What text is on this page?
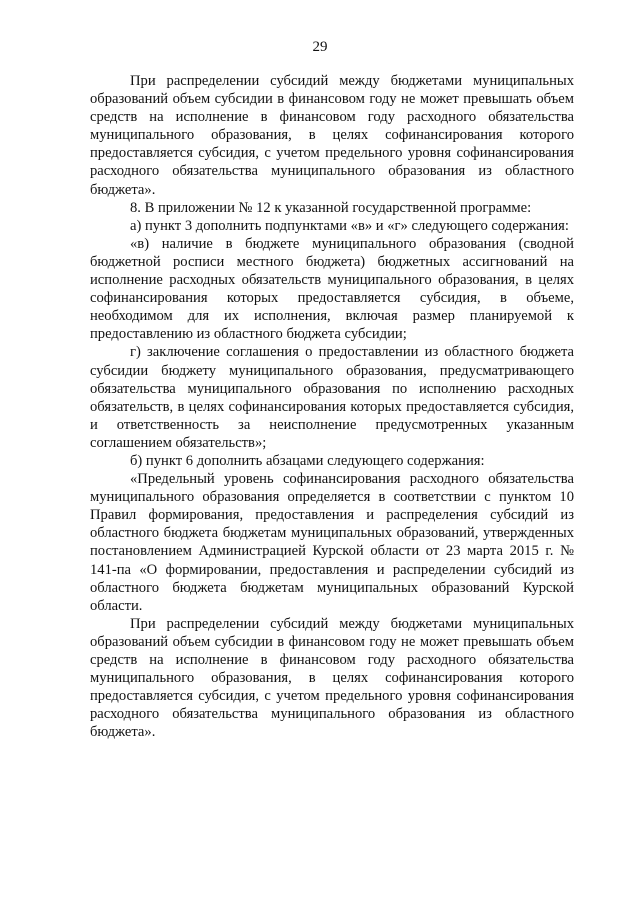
29

При распределении субсидий между бюджетами муниципальных образований объем субсидии в финансовом году не может превышать объем средств на исполнение в финансовом году расходного обязательства муниципального образования, в целях софинансирования которого предоставляется субсидия, с учетом предельного уровня софинансирования расходного обязательства муниципального образования из областного бюджета».

8. В приложении № 12 к указанной государственной программе:

а) пункт 3 дополнить подпунктами «в» и «г» следующего содержания:

«в) наличие в бюджете муниципального образования (сводной бюджетной росписи местного бюджета) бюджетных ассигнований на исполнение расходных обязательств муниципального образования, в целях софинансирования которых предоставляется субсидия, в объеме, необходимом для их исполнения, включая размер планируемой к предоставлению из областного бюджета субсидии;

г) заключение соглашения о предоставлении из областного бюджета субсидии бюджету муниципального образования, предусматривающего обязательства муниципального образования по исполнению расходных обязательств, в целях софинансирования которых предоставляется субсидия, и ответственность за неисполнение предусмотренных указанным соглашением обязательств»;

б) пункт 6 дополнить абзацами следующего содержания:

«Предельный уровень софинансирования расходного обязательства муниципального образования определяется в соответствии с пунктом 10 Правил формирования, предоставления и распределения субсидий из областного бюджета бюджетам муниципальных образований, утвержденных постановлением Администрацией Курской области от 23 марта 2015 г. № 141-па «О формировании, предоставления и распределении субсидий из областного бюджета бюджетам муниципальных образований Курской области.

При распределении субсидий между бюджетами муниципальных образований объем субсидии в финансовом году не может превышать объем средств на исполнение в финансовом году расходного обязательства муниципального образования, в целях софинансирования которого предоставляется субсидия, с учетом предельного уровня софинансирования расходного обязательства муниципального образования из областного бюджета».
